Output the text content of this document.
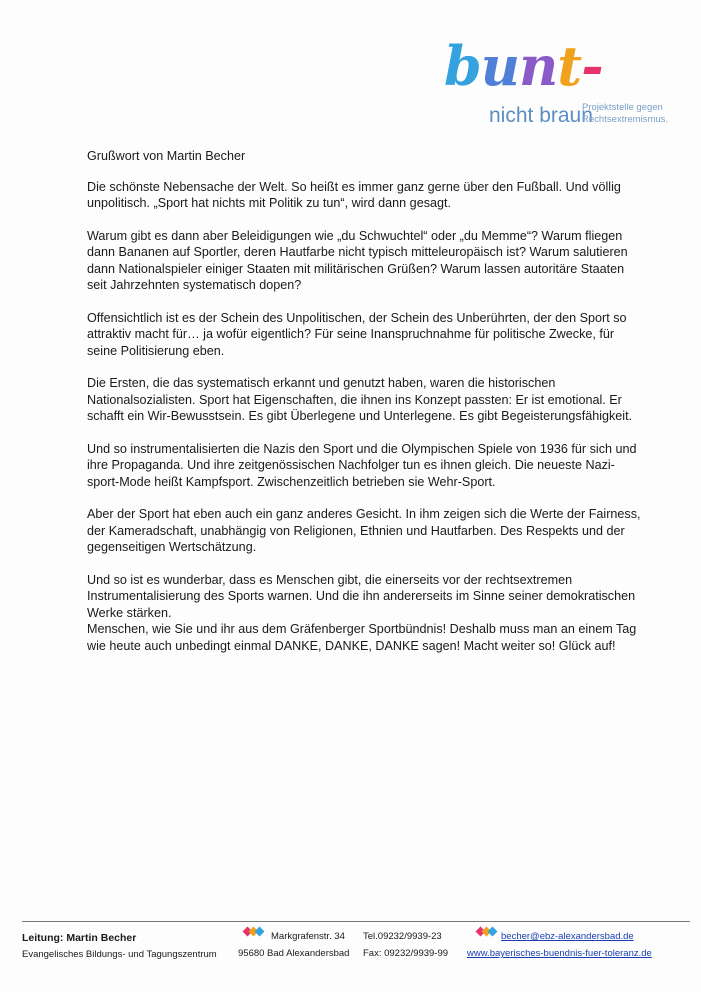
bunt-
nicht braun
Projektstelle gegen Rechtsextremismus.

Grußwort von Martin Becher

Die schönste Nebensache der Welt. So heißt es immer ganz gerne über den Fußball. Und völlig
unpolitisch. „Sport hat nichts mit Politik zu tun“, wird dann gesagt.

Warum gibt es dann aber Beleidigungen wie „du Schwuchtel“ oder „du Memme“? Warum fliegen
dann Bananen auf Sportler, deren Hautfarbe nicht typisch mitteleuropäisch ist? Warum salutieren
dann Nationalspieler einiger Staaten mit militärischen Grüßen? Warum lassen autoritäre Staaten
seit Jahrzehnten systematisch dopen?

Offensichtlich ist es der Schein des Unpolitischen, der Schein des Unberührten, der den Sport so
attraktiv macht für… ja wofür eigentlich? Für seine Inanspruchnahme für politische Zwecke, für
seine Politisierung eben.

Die Ersten, die das systematisch erkannt und genutzt haben, waren die historischen
Nationalsozialisten. Sport hat Eigenschaften, die ihnen ins Konzept passten: Er ist emotional. Er
schafft ein Wir-Bewusstsein. Es gibt Überlegene und Unterlegene. Es gibt Begeisterungsfähigkeit.

Und so instrumentalisierten die Nazis den Sport und die Olympischen Spiele von 1936 für sich und
ihre Propaganda. Und ihre zeitgenössischen Nachfolger tun es ihnen gleich. Die neueste Nazi-
sport-Mode heißt Kampfsport. Zwischenzeitlich betrieben sie Wehr-Sport.

Aber der Sport hat eben auch ein ganz anderes Gesicht. In ihm zeigen sich die Werte der Fairness,
der Kameradschaft, unabhängig von Religionen, Ethnien und Hautfarben. Des Respekts und der
gegenseitigen Wertschätzung.

Und so ist es wunderbar, dass es Menschen gibt, die einerseits vor der rechtsextremen
Instrumentalisierung des Sports warnen. Und die ihn andererseits im Sinne seiner demokratischen
Werke stärken.
Menschen, wie Sie und ihr aus dem Gräfenberger Sportbündnis! Deshalb muss man an einem Tag
wie heute auch unbedingt einmal DANKE, DANKE, DANKE sagen! Macht weiter so! Glück auf!

Leitung: Martin Becher
Evangelisches Bildungs- und Tagungszentrum
Markgrafenstr. 34
95680 Bad Alexandersbad
Tel.09232/9939-23
Fax: 09232/9939-99
becher@ebz-alexandersbad.de
www.bayerisches-buendnis-fuer-toleranz.de
